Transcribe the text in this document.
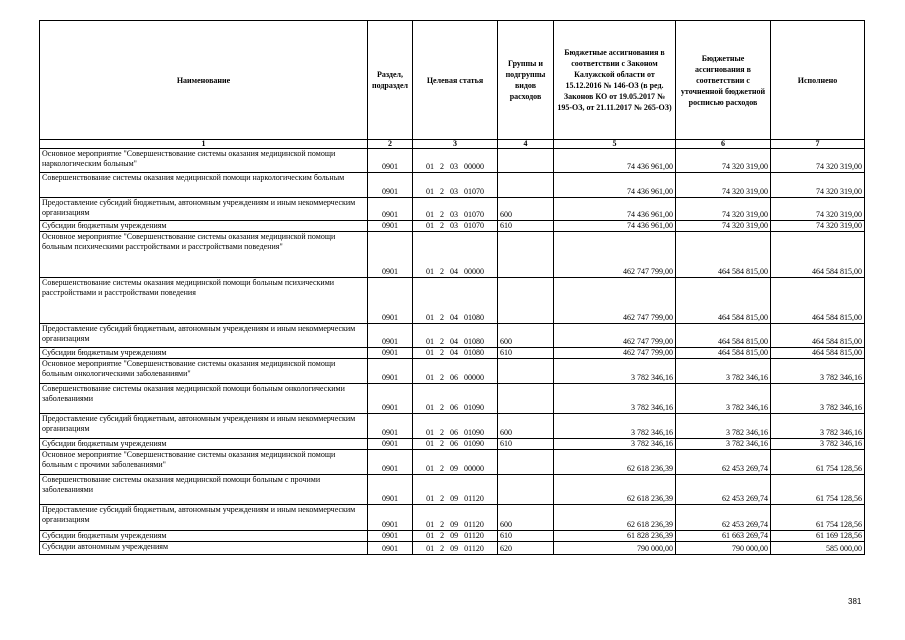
Наименование	Раздел, подраздел	Целевая статья	Группы и подгруппы видов расходов	Бюджетные ассигнования в соответствии с Законом Калужской области от 15.12.2016 № 146-ОЗ (в ред. Законов КО от 19.05.2017 № 195-ОЗ, от 21.11.2017 № 265-ОЗ)	Бюджетные ассигнования в соответствии с уточненной бюджетной росписью расходов	Исполнено
1	2	3	4	5	6	7
Основное мероприятие "Совершенствование системы оказания медицинской помощи наркологическим больным"	0901	01 2 03 00000		74 436 961,00	74 320 319,00	74 320 319,00
Совершенствование системы оказания медицинской помощи наркологическим больным	0901	01 2 03 01070		74 436 961,00	74 320 319,00	74 320 319,00
Предоставление субсидий бюджетным, автономным учреждениям и иным некоммерческим организациям	0901	01 2 03 01070	600	74 436 961,00	74 320 319,00	74 320 319,00
Субсидии бюджетным учреждениям	0901	01 2 03 01070	610	74 436 961,00	74 320 319,00	74 320 319,00
Основное мероприятие "Совершенствование системы оказания медицинской помощи больным психическими расстройствами и расстройствами поведения"	0901	01 2 04 00000		462 747 799,00	464 584 815,00	464 584 815,00
Совершенствование системы оказания медицинской помощи больным психическими расстройствами и расстройствами поведения	0901	01 2 04 01080		462 747 799,00	464 584 815,00	464 584 815,00
Предоставление субсидий бюджетным, автономным учреждениям и иным некоммерческим организациям	0901	01 2 04 01080	600	462 747 799,00	464 584 815,00	464 584 815,00
Субсидии бюджетным учреждениям	0901	01 2 04 01080	610	462 747 799,00	464 584 815,00	464 584 815,00
Основное мероприятие "Совершенствование системы оказания медицинской помощи больным онкологическими заболеваниями"	0901	01 2 06 00000		3 782 346,16	3 782 346,16	3 782 346,16
Совершенствование системы оказания медицинской помощи больным онкологическими заболеваниями	0901	01 2 06 01090		3 782 346,16	3 782 346,16	3 782 346,16
Предоставление субсидий бюджетным, автономным учреждениям и иным некоммерческим организациям	0901	01 2 06 01090	600	3 782 346,16	3 782 346,16	3 782 346,16
Субсидии бюджетным учреждениям	0901	01 2 06 01090	610	3 782 346,16	3 782 346,16	3 782 346,16
Основное мероприятие "Совершенствование системы оказания медицинской помощи больным с прочими заболеваниями"	0901	01 2 09 00000		62 618 236,39	62 453 269,74	61 754 128,56
Совершенствование системы оказания медицинской помощи больным с прочими заболеваниями	0901	01 2 09 01120		62 618 236,39	62 453 269,74	61 754 128,56
Предоставление субсидий бюджетным, автономным учреждениям и иным некоммерческим организациям	0901	01 2 09 01120	600	62 618 236,39	62 453 269,74	61 754 128,56
Субсидии бюджетным учреждениям	0901	01 2 09 01120	610	61 828 236,39	61 663 269,74	61 169 128,56
Субсидии автономным учреждениям	0901	01 2 09 01120	620	790 000,00	790 000,00	585 000,00
381
